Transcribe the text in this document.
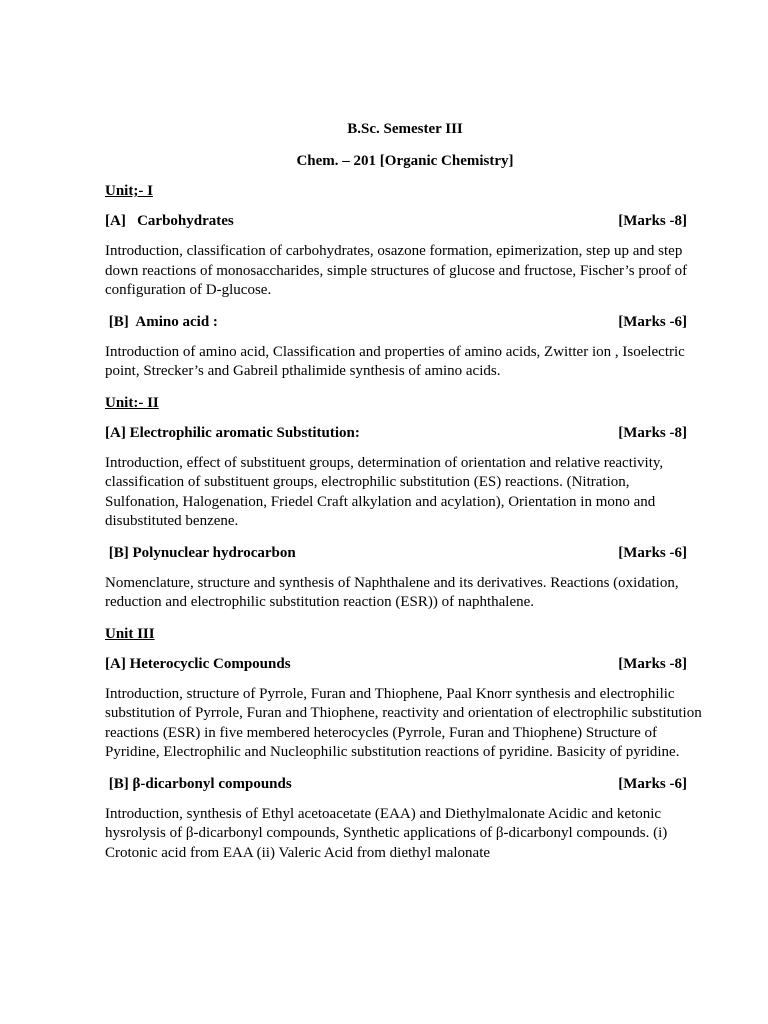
B.Sc. Semester III

Chem. – 201 [Organic Chemistry]

Unit;- I

[A]   Carbohydrates	[Marks -8]

Introduction, classification of carbohydrates, osazone formation, epimerization, step up and step down reactions of monosaccharides, simple structures of glucose and fructose, Fischer’s proof of configuration of D-glucose.

[B]  Amino acid :	[Marks -6]

Introduction of amino acid, Classification and properties of amino acids, Zwitter ion , Isoelectric point, Strecker’s and Gabreil pthalimide synthesis of amino acids.

Unit:- II

[A] Electrophilic aromatic Substitution:	[Marks -8]

Introduction, effect of substituent groups, determination of orientation and relative reactivity, classification of substituent groups, electrophilic substitution (ES) reactions. (Nitration, Sulfonation, Halogenation, Friedel Craft alkylation and acylation), Orientation in mono and disubstituted benzene.

[B] Polynuclear hydrocarbon	[Marks -6]

Nomenclature, structure and synthesis of Naphthalene and its derivatives. Reactions (oxidation, reduction and electrophilic substitution reaction (ESR)) of naphthalene.

Unit III

[A] Heterocyclic Compounds	[Marks -8]

Introduction, structure of Pyrrole, Furan and Thiophene, Paal Knorr synthesis and electrophilic substitution of Pyrrole, Furan and Thiophene, reactivity and orientation of electrophilic substitution reactions (ESR) in five membered heterocycles (Pyrrole, Furan and Thiophene) Structure of Pyridine, Electrophilic and Nucleophilic substitution reactions of pyridine. Basicity of pyridine.

[B] β-dicarbonyl compounds	[Marks -6]

Introduction, synthesis of Ethyl acetoacetate (EAA) and Diethylmalonate Acidic and ketonic hysrolysis of β-dicarbonyl compounds, Synthetic applications of β-dicarbonyl compounds. (i) Crotonic acid from EAA (ii) Valeric Acid from diethyl malonate
